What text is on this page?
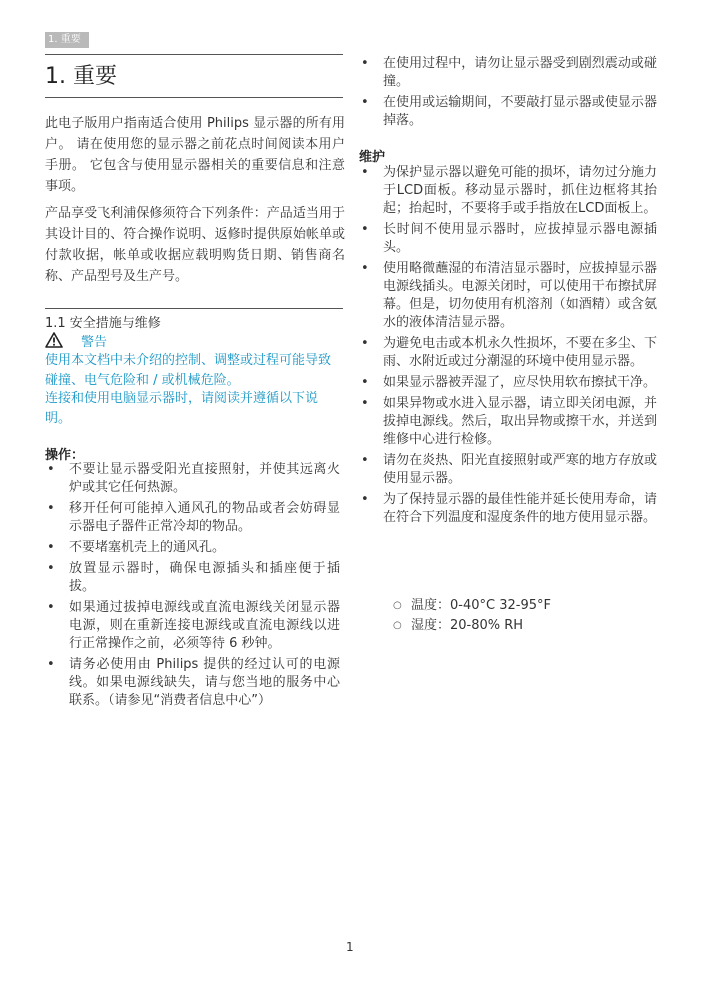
1. 重要
1. 重要

此电子版用户指南适合使用 Philips 显示器的所有用户。 请在使用您的显示器之前花点时间阅读本用户手册。 它包含与使用显示器相关的重要信息和注意事项。

产品享受飞利浦保修须符合下列条件：产品适当用于其设计目的、符合操作说明、返修时提供原始帐单或付款收据，帐单或收据应载明购货日期、销售商名称、产品型号及生产号。

1.1 安全措施与维修
警告

使用本文档中未介绍的控制、调整或过程可能导致碰撞、电气危险和 / 或机械危险。

连接和使用电脑显示器时，请阅读并遵循以下说明。

操作：
• 不要让显示器受阳光直接照射，并使其远离火炉或其它任何热源。
• 移开任何可能掉入通风孔的物品或者会妨碍显示器电子器件正常冷却的物品。
• 不要堵塞机壳上的通风孔。
• 放置显示器时，确保电源插头和插座便于插拔。
• 如果通过拔掉电源线或直流电源线关闭显示器电源，则在重新连接电源线或直流电源线以进行正常操作之前，必须等待 6 秒钟。
• 请务必使用由 Philips 提供的经过认可的电源线。如果电源线缺失，请与您当地的服务中心联系。（请参见“消费者信息中心”）
• 在使用过程中，请勿让显示器受到剧烈震动或碰撞。
• 在使用或运输期间，不要敲打显示器或使显示器掉落。
维护
• 为保护显示器以避免可能的损坏，请勿过分施力于LCD面板。移动显示器时，抓住边框将其抬起；抬起时，不要将手或手指放在LCD面板上。
• 长时间不使用显示器时，应拔掉显示器电源插头。
• 使用略微蘸湿的布清洁显示器时，应拔掉显示器电源线插头。电源关闭时，可以使用干布擦拭屏幕。但是，切勿使用有机溶剂（如酒精）或含氨水的液体清洁显示器。
• 为避免电击或本机永久性损坏，不要在多尘、下雨、水附近或过分潮湿的环境中使用显示器。
• 如果显示器被弄湿了，应尽快用软布擦拭干净。
• 如果异物或水进入显示器，请立即关闭电源，并拔掉电源线。然后，取出异物或擦干水，并送到维修中心进行检修。
• 请勿在炎热、阳光直接照射或严寒的地方存放或使用显示器。
• 为了保持显示器的最佳性能并延长使用寿命，请在符合下列温度和湿度条件的地方使用显示器。
○ 温度：0-40°C 32-95°F
○ 湿度：20-80% RH
1
